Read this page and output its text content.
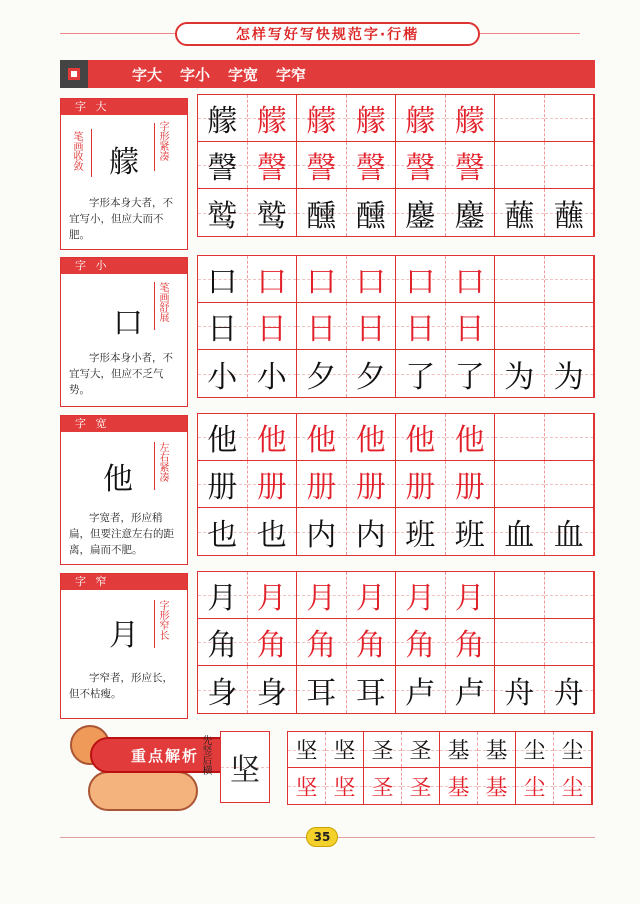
怎样写好写快规范字·行楷
字大 字小 字宽 字窄
字 大
笔画收敛 艨
字形紧凑
字形本身大者，不宜写小，但应大而不肥。
艨 艨 艨 艨 艨 艨
謦 謦 謦 謦 謦 謦
鹫 鹫 醺 醺 鏖 鏖 蘸 蘸
字 小
口
笔画舒展
字形本身小者，不宜写大，但应不乏气势。
口 口 口 口 口 口
日 日 日 日 日 日
小 小 夕 夕 了 了 为 为
字 宽
他 左右紧凑
字宽者，形应稍扁，但要注意左右的距离，扁而不肥。
他 他 他 他 他 他
册 册 册 册 册 册
也 也 内 内 班 班 血 血
字 窄
月 字形窄长
字窄者，形应长，但不枯瘦。
月 月 月 月 月 月
角 角 角 角 角 角
身 身 耳 耳 卢 卢 舟 舟
重点解析 先竖后横 坚
坚 坚 圣 圣 基 基 尘 尘
坚 坚 圣 圣 基 基 尘 尘
35
